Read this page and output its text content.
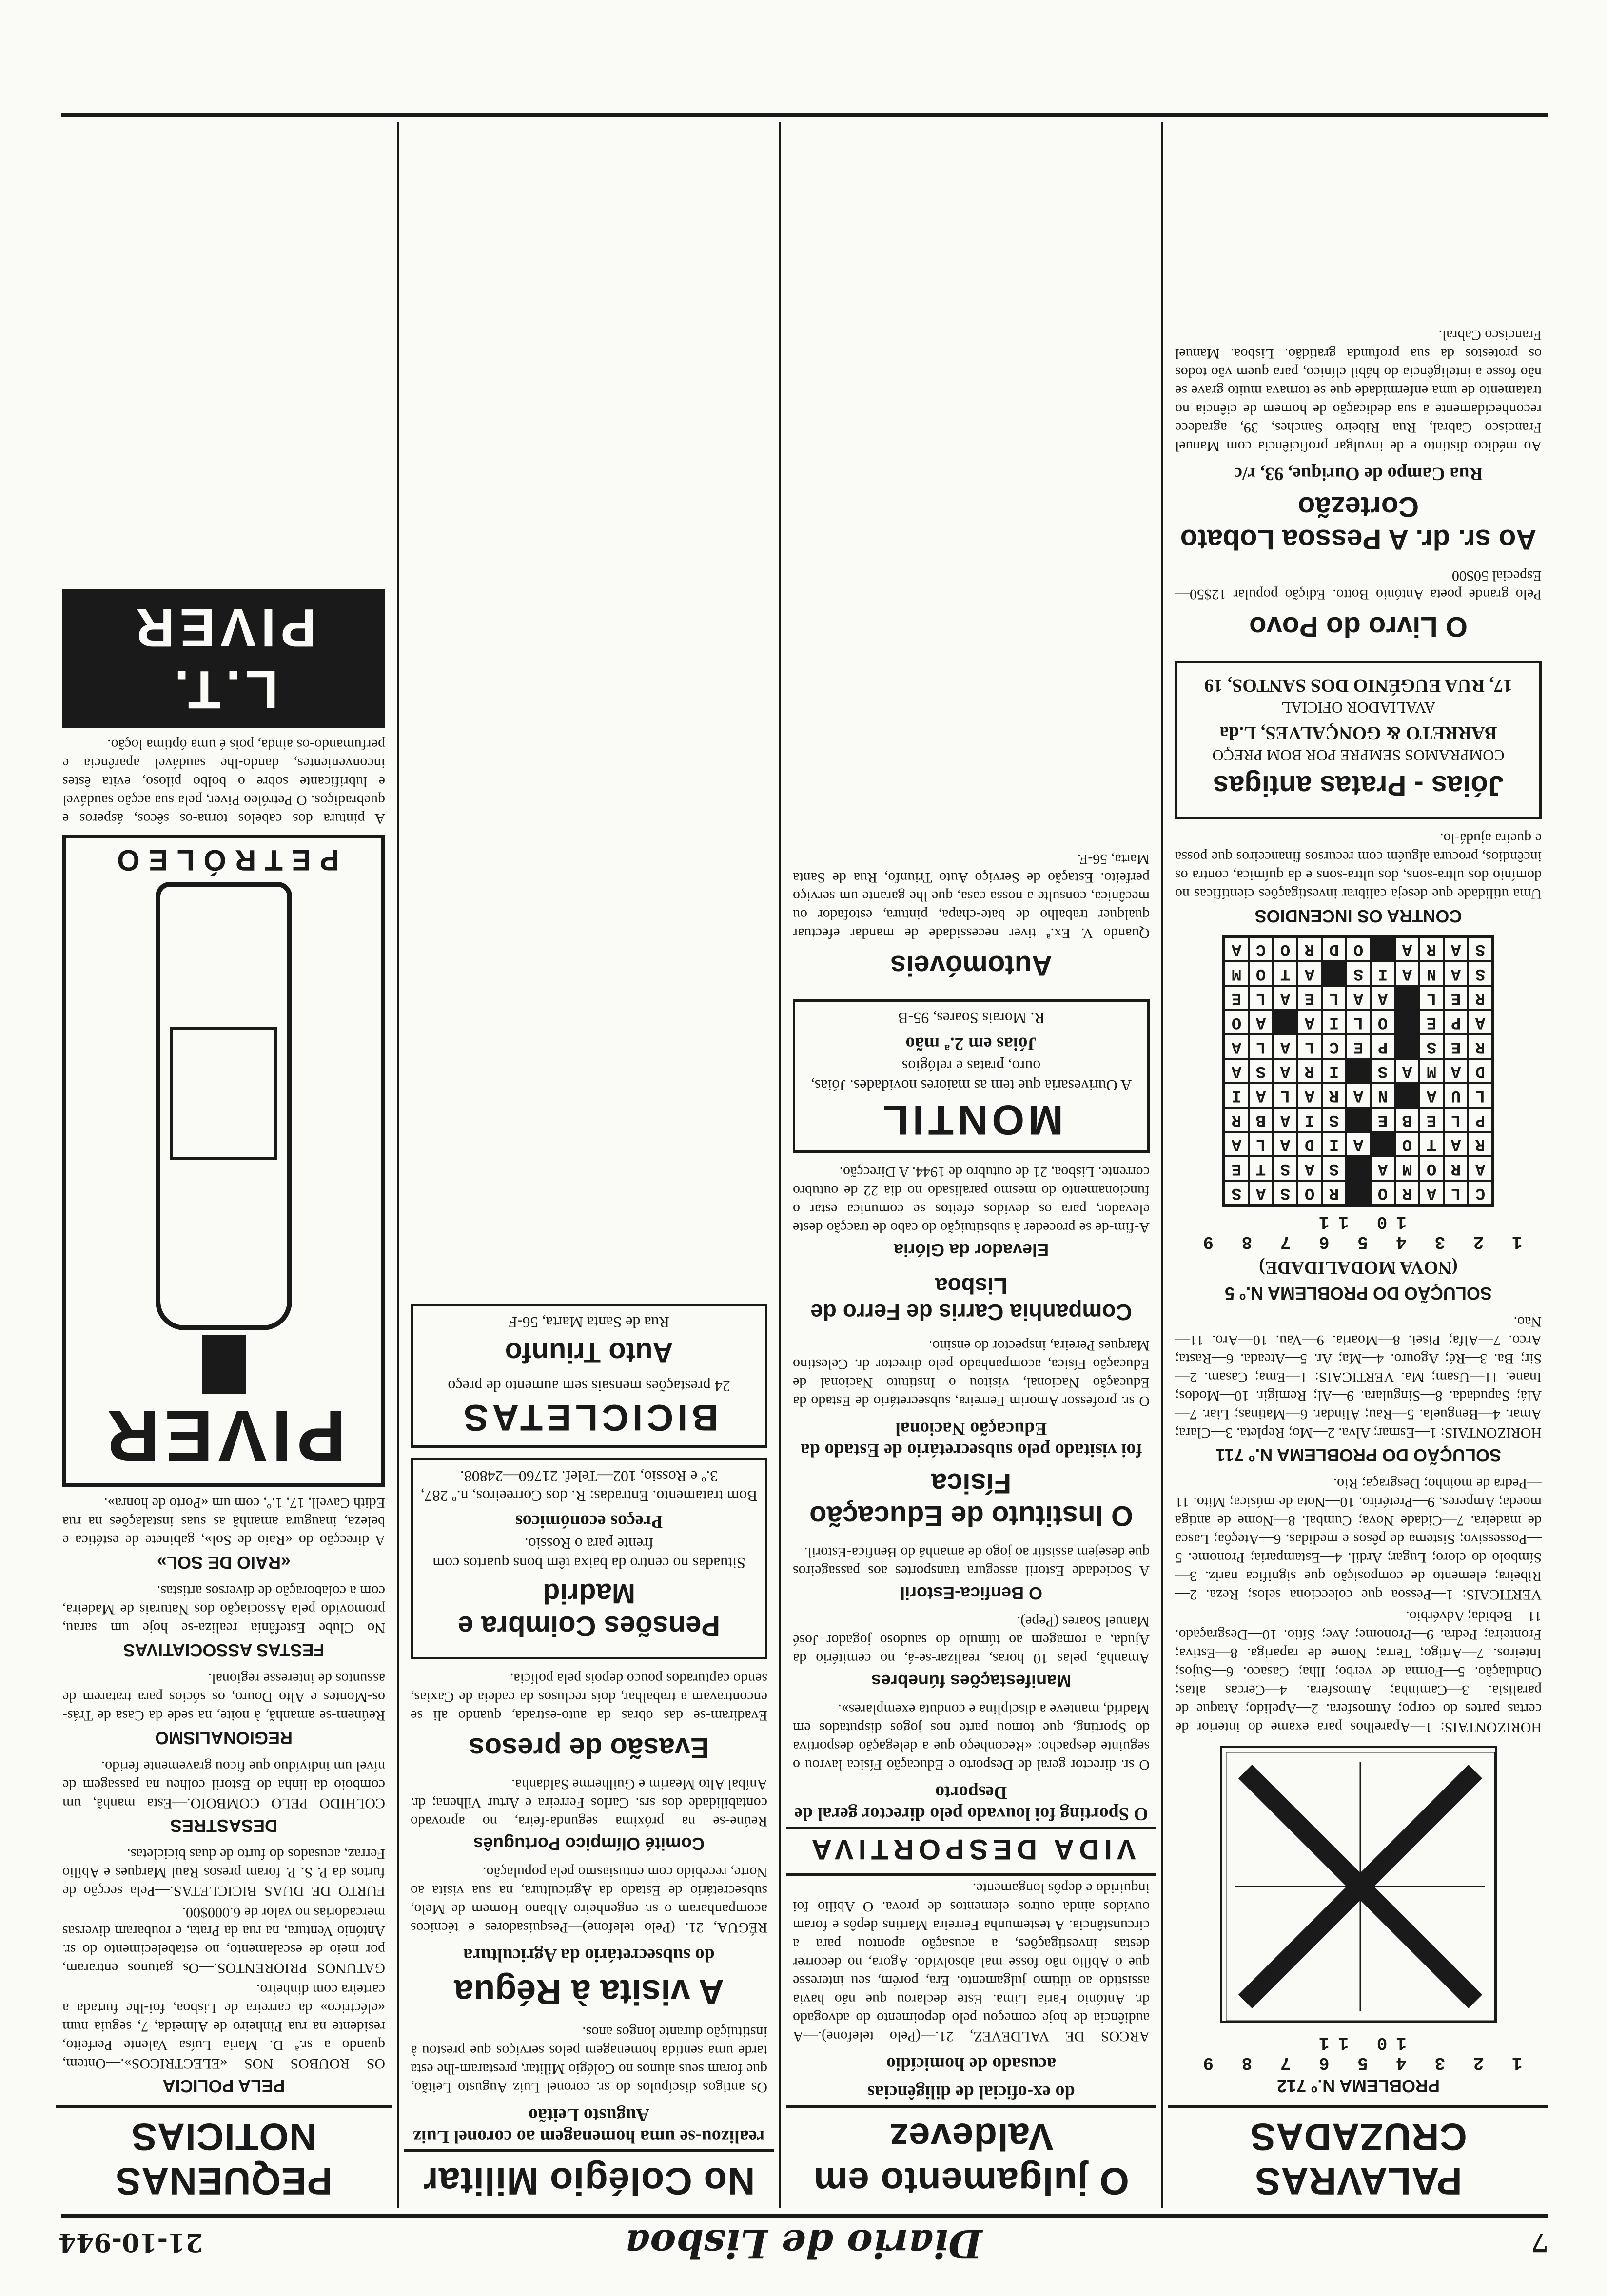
7
Diario de Lisboa
21-10-944
PALAVRAS CRUZADAS
PROBLEMA N.º 712
1 2 3 4 5 6 7 8 9 10 11

HORIZONTAIS: 1—Aparelhos para exame do interior de certas partes do corpo; Atmosfera. 2—Apelido; Ataque de paralisia. 3—Caminha; Atmosfera. 4—Cercas altas; Ondulação. 5—Forma de verbo; Ilha; Casaco. 6—Sujos; Inteiros. 7—Artigo; Terra; Nome de rapariga. 8—Estiva; Fronteira; Pedra. 9—Pronome; Ave; Sítio. 10—Desgraçado. 11—Bebida; Advérbio.

VERTICAIS: 1—Pessoa que colecciona selos; Reza. 2—Ribeira; elemento de composição que significa nariz. 3—Símbolo do cloro; Lugar; Ardil. 4—Estamparia; Pronome. 5—Possessivo; Sistema de pêsos e medidas. 6—Ateçôa; Lasca de madeira. 7—Cidade Nova; Cumbal. 8—Nome de antiga moeda; Amperes. 9—Pretérito. 10—Nota de música; Mito. 11—Pedra de moinho; Desgraça; Rio.

SOLUÇÃO DO PROBLEMA N.º 711

HORIZONTAIS: 1—Esmar; Alva. 2—Mo; Repleta. 3—Clara; Amar. 4—Benguela. 5—Rau; Alindar. 6—Matinas; Liar. 7—Alá; Sapudada. 8—Singulara. 9—Al; Remigir. 10—Modos; Inane. 11—Usam; Ma. VERTICAIS: 1—Ema; Casam. 2—Sir; Ba. 3—Ré; Agouro. 4—Ma; Ar. 5—Ateada. 6—Rasta; Arco. 7—Alfa; Pisei. 8—Moaria. 9—Vau. 10—Aro. 11—Nao.

SOLUÇÃO DO PROBLEMA N.º 5
(NOVA MODALIDADE)
1 2 3 4 5 6 7 8 9 10 11
C
L
A
R
O
R
O
S
A
S
A
R
O
M
A
S
A
S
T
E
R
A
T
O
A
I
D
A
L
A
P
L
E
B
E
S
I
A
B
R
L
U
A
N
A
R
A
L
A
I
D
A
M
A
S
I
R
A
S
A
R
E
S
P
E
C
L
A
L
A
A
P
E
O
L
I
A
A
O
R
E
L
A
A
L
E
A
L
E
S
A
N
A
I
S
A
T
O
M
S
A
R
A
O
D
R
O
C
A
CONTRA OS INCENDIOS

Uma utilidade que deseja calibrar investigações científicas no domínio dos ultra-sons, dos ultra-sons e da química, contra os incêndios, procura alguém com recursos financeiros que possa e queira ajudá-lo.

Jóias - Pratas antigas
COMPRAMOS SEMPRE POR BOM PREÇO
BARRETO & GONÇALVES, L.da
AVALIADOR OFICIAL
17, RUA EUGÉNIO DOS SANTOS, 19
O Livro do Povo

Pelo grande poeta António Botto. Edição popular 12$50—Especial 50$00

Ao sr. dr. A Pessoa Lobato Cortezão
Rua Campo de Ourique, 93, r/c

Ao médico distinto e de invulgar proficiência com Manuel Francisco Cabral, Rua Ribeiro Sanches, 39, agradece reconhecidamente a sua dedicação de homem de ciência no tratamento de uma enfermidade que se tornava muito grave se não fosse a inteligência do hábil clínico, para quem vão todos os protestos da sua profunda gratidão. Lisboa. Manuel Francisco Cabral.

O julgamento em Valdevez
do ex-oficial de diligências
acusado de homicídio

ARCOS DE VALDEVEZ, 21.—(Pelo telefone).—A audiência de hoje começou pelo depoimento do advogado dr. António Faria Lima. Este declarou que não havia assistido ao último julgamento. Era, porém, seu interesse que o Abílio não fosse mal absolvido. Agora, no decorrer destas investigações, a acusação apontou para a circunstância. A testemunha Ferreira Martins depôs e foram ouvidos ainda outros elementos de prova. O Abílio foi inquirido e depôs longamente.

VIDA DESPORTIVA
O Sporting foi louvado pelo director geral de Desporto

O sr. director geral de Desporto e Educação Física lavrou o seguinte despacho: «Reconheço que a delegação desportiva do Sporting, que tomou parte nos jogos disputados em Madrid, manteve a disciplina e conduta exemplares».

Manifestações fúnebres

Amanhã, pelas 10 horas, realizar-se-á, no cemitério da Ajuda, a romagem ao túmulo do saudoso jogador José Manuel Soares (Pepe).

O Benfica-Estoril

A Sociedade Estoril assegura transportes aos passageiros que desejem assistir ao jogo de amanhã do Benfica-Estoril.

O Instituto de Educação Física
foi visitado pelo subsecretário de Estado da Educação Nacional

O sr. professor Amorim Ferreira, subsecretário de Estado da Educação Nacional, visitou o Instituto Nacional de Educação Física, acompanhado pelo director dr. Celestino Marques Pereira, inspector do ensino.

Companhia Carris de Ferro de Lisboa
Elevador da Glória

A-fim-de se proceder à substituição do cabo de tracção deste elevador, para os devidos efeitos se comunica estar o funcionamento do mesmo paralisado no dia 22 de outubro corrente. Lisboa, 21 de outubro de 1944. A Direcção.

MONTIL
A Ourivesaria que tem as maiores novidades. Jóias, ouro, pratas e relógios
Jóias em 2.ª mão
R. Morais Soares, 95-B
Automóveis

Quando V. Ex.ª tiver necessidade de mandar efectuar qualquer trabalho de bate-chapa, pintura, estofador ou mecânica, consulte a nossa casa, que lhe garante um serviço perfeito. Estação de Serviço Auto Triunfo, Rua de Santa Marta, 56-F.

No Colégio Militar
realizou-se uma homenagem ao coronel Luiz Augusto Leitão

Os antigos discípulos do sr. coronel Luiz Augusto Leitão, que foram seus alunos no Colégio Militar, prestaram-lhe esta tarde uma sentida homenagem pelos serviços que prestou à instituição durante longos anos.

A visita à Régua
do subsecretário da Agricultura

RÉGUA, 21. (Pelo telefone)—Pesquisadores e técnicos acompanharam o sr. engenheiro Albano Homem de Melo, subsecretário de Estado da Agricultura, na sua visita ao Norte, recebido com entusiasmo pela população.

Comité Olímpico Português

Reúne-se na próxima segunda-feira, no aprovado contabilidade dos srs. Carlos Ferreira e Artur Vilhena; dr. Aníbal Alto Mearim e Guilherme Saldanha.

Evasão de presos

Evadiram-se das obras da auto-estrada, quando ali se encontravam a trabalhar, dois reclusos da cadeia de Caxias, sendo capturados pouco depois pela polícia.

Pensões Coimbra e Madrid
Situadas no centro da baixa têm bons quartos com frente para o Rossio.
Preços económicos
Bom tratamento. Entradas: R. dos Correeiros, n.º 287, 3.º e Rossio, 102—Telef. 21760—24808.
BICICLETAS
24 prestações mensais sem aumento de preço
Auto Triunfo
Rua de Santa Marta, 56-F
PEQUENAS NOTICIAS
PELA POLICIA

OS ROUBOS NOS «ELECTRICOS».—Ontem, quando a sr.ª D. Maria Luísa Valente Perfeito, residente na rua Pinheiro de Almeida, 7, seguia num «eléctrico» da carreira de Lisboa, foi-lhe furtada a carteira com dinheiro.

GATUNOS PRIORENTOS.—Os gatunos entraram, por meio de escalamento, no estabelecimento do sr. António Ventura, na rua da Prata, e roubaram diversas mercadorias no valor de 6.000$00.

FURTO DE DUAS BICICLETAS.—Pela secção de furtos da P. S. P. foram presos Raul Marques e Abílio Ferraz, acusados do furto de duas bicicletas.

DESASTRES

COLHIDO PELO COMBOIO.—Esta manhã, um comboio da linha do Estoril colheu na passagem de nível um indivíduo que ficou gravemente ferido.

REGIONALISMO

Reúnem-se amanhã, à noite, na sede da Casa de Trás-os-Montes e Alto Douro, os sócios para tratarem de assuntos de interesse regional.

FESTAS ASSOCIATIVAS

No Clube Estefânia realiza-se hoje um sarau, promovido pela Associação dos Naturais de Madeira, com a colaboração de diversos artistas.

«RAIO DE SOL»

A direcção do «Raio de Sol», gabinete de estética e beleza, inaugura amanhã as suas instalações na rua Edith Cavell, 17, 1.º, com um «Porto de honra».

PIVER
PETRÓLEO

A pintura dos cabelos torna-os sêcos, ásperos e quebradiços. O Petróleo Piver, pela sua acção saudável e lubrificante sobre o bolbo piloso, evita êstes inconvenientes, dando-lhe saudável aparência e perfumando-os ainda, pois é uma óptima loção.

L.T. PIVER
